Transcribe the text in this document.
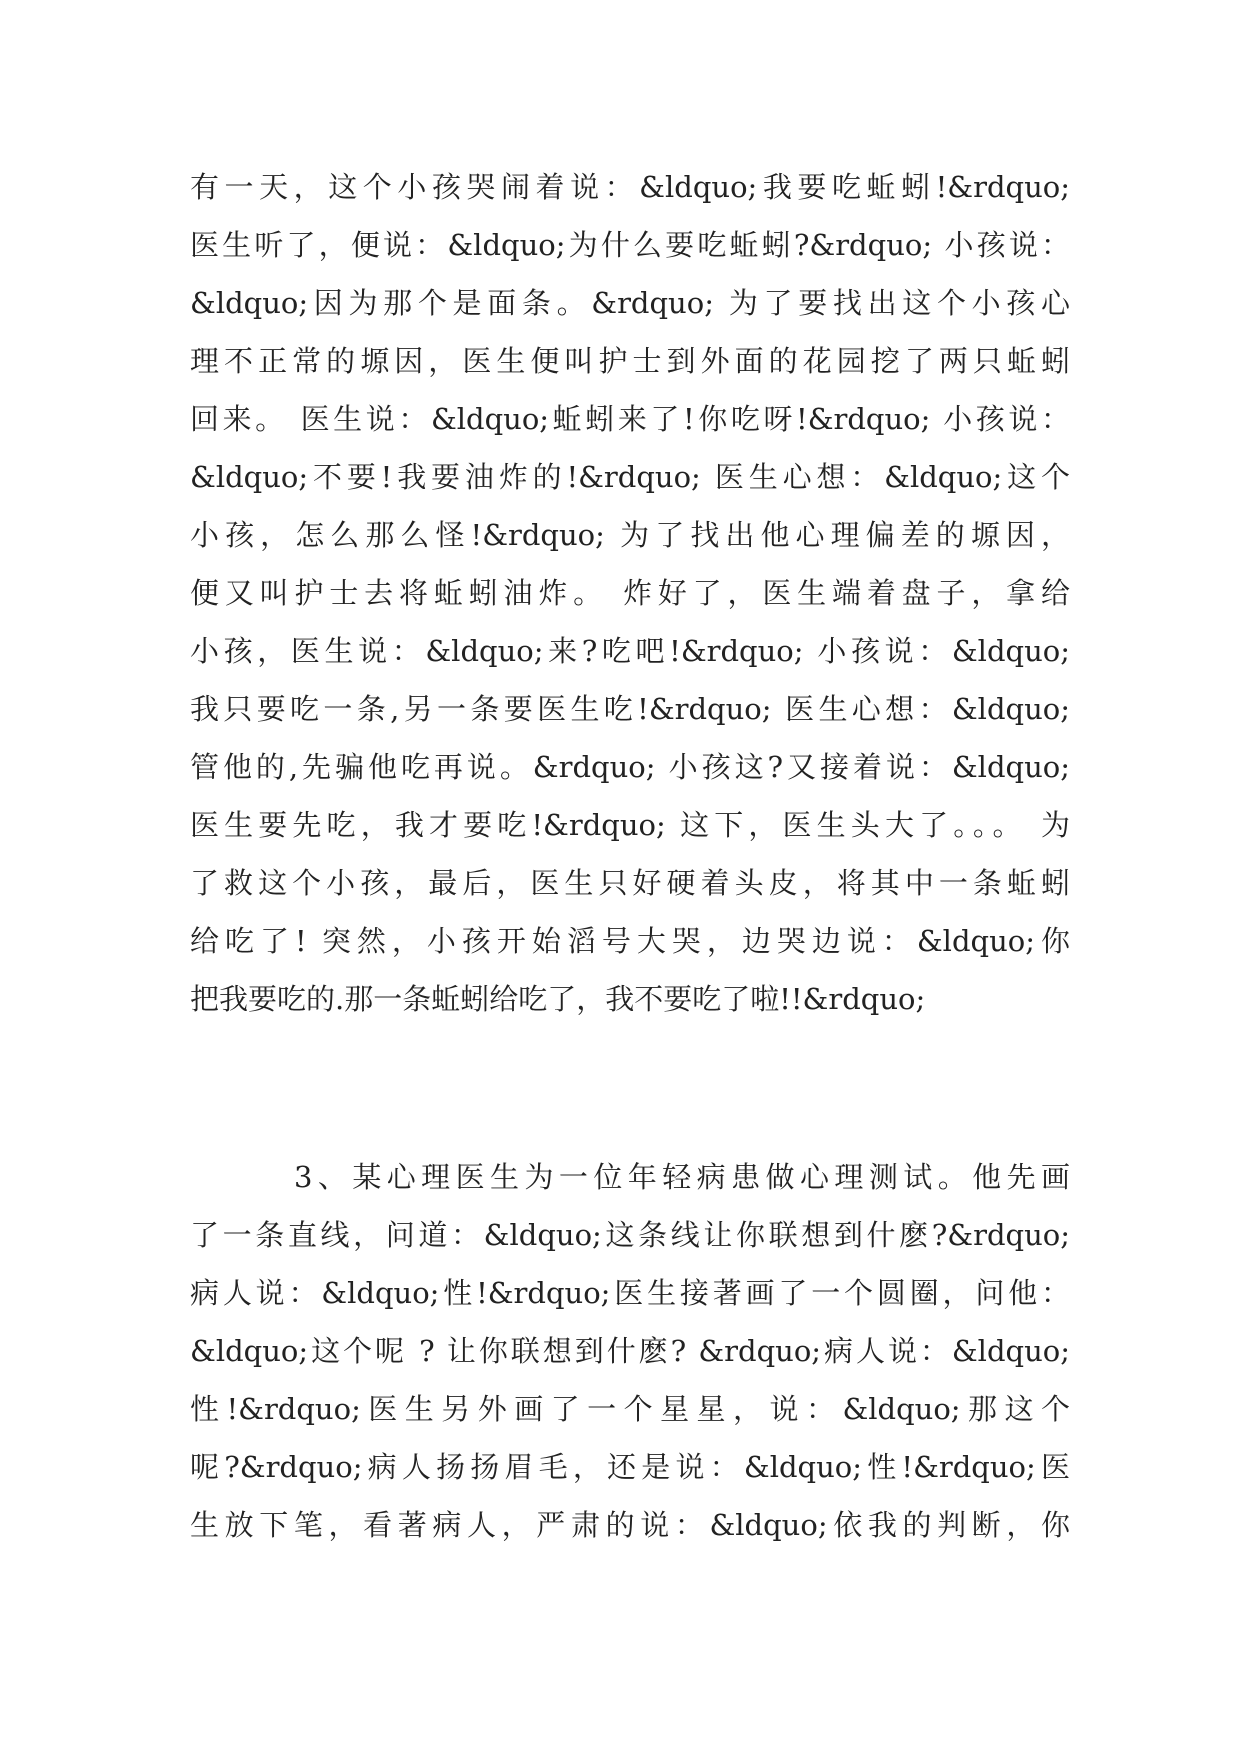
有一天，这个小孩哭闹着说：&ldquo;我要吃蚯蚓!&rdquo;
医生听了，便说：&ldquo;为什么要吃蚯蚓?&rdquo; 小孩说：
&ldquo;因为那个是面条。&rdquo; 为了要找出这个小孩心
理不正常的塬因，医生便叫护士到外面的花园挖了两只蚯蚓
回来。 医生说：&ldquo;蚯蚓来了!你吃呀!&rdquo; 小孩说：
&ldquo;不要!我要油炸的!&rdquo; 医生心想：&ldquo;这个
小孩，怎么那么怪!&rdquo; 为了找出他心理偏差的塬因，
便又叫护士去将蚯蚓油炸。 炸好了，医生端着盘子，拿给
小孩，医生说：&ldquo;来?吃吧!&rdquo; 小孩说：&ldquo;
我只要吃一条,另一条要医生吃!&rdquo; 医生心想：&ldquo;
管他的,先骗他吃再说。&rdquo; 小孩这?又接着说：&ldquo;
医生要先吃，我才要吃!&rdquo; 这下，医生头大了。。。 为
了救这个小孩，最后，医生只好硬着头皮，将其中一条蚯蚓
给吃了! 突然，小孩开始滔号大哭，边哭边说：&ldquo;你
把我要吃的.那一条蚯蚓给吃了，我不要吃了啦!!&rdquo;
3、某心理医生为一位年轻病患做心理测试。他先画
了一条直线，问道：&ldquo;这条线让你联想到什麽?&rdquo;
病人说：&ldquo;性!&rdquo;医生接著画了一个圆圈，问他：
&ldquo;这个呢 ? 让你联想到什麽? &rdquo;病人说：&ldquo;
性!&rdquo;医生另外画了一个星星，说：&ldquo;那这个
呢?&rdquo;病人扬扬眉毛，还是说：&ldquo;性!&rdquo;医
生放下笔，看著病人，严肃的说：&ldquo;依我的判断，你
